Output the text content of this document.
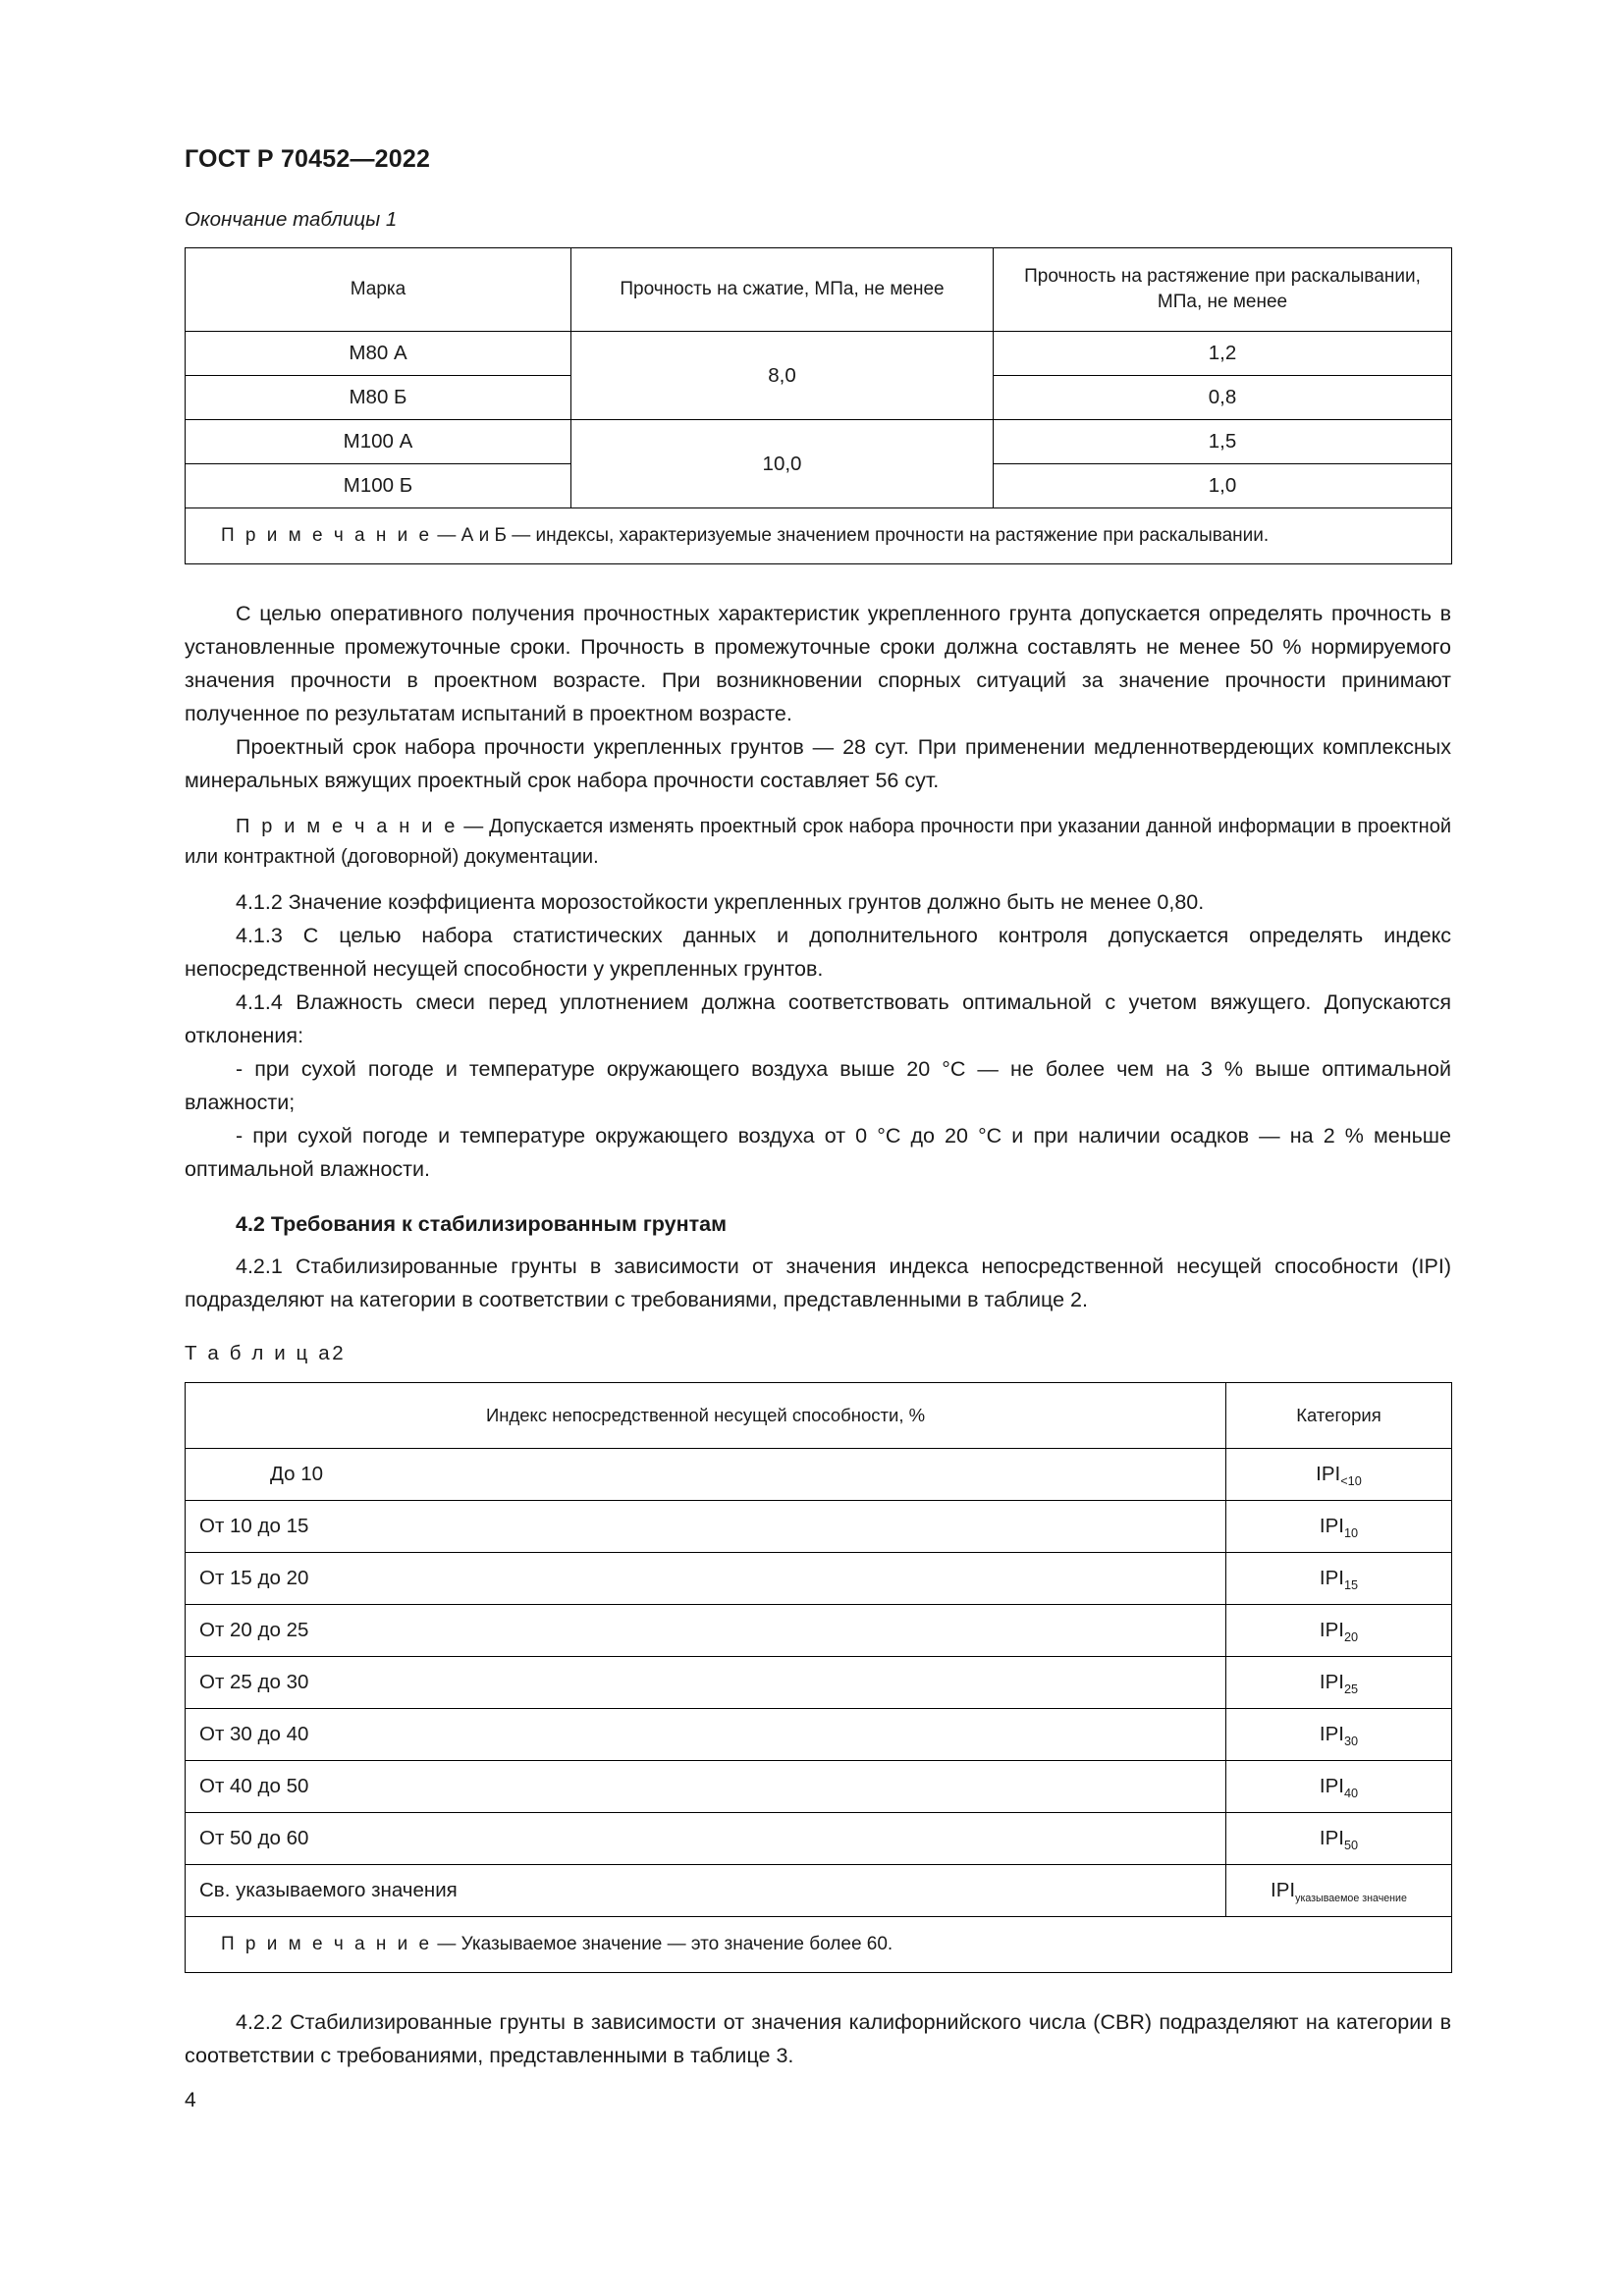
ГОСТ Р 70452—2022
Окончание таблицы 1
Марка	Прочность на сжатие, МПа, не менее	Прочность на растяжение при раскалывании, МПа, не менее
М80 А	8,0	1,2
М80 Б		0,8
М100 А	10,0	1,5
М100 Б		1,0
П р и м е ч а н и е — А и Б — индексы, характеризуемые значением прочности на растяжение при раскалывании.		

С целью оперативного получения прочностных характеристик укрепленного грунта допускается определять прочность в установленные промежуточные сроки. Прочность в промежуточные сроки должна составлять не менее 50 % нормируемого значения прочности в проектном возрасте. При возникновении спорных ситуаций за значение прочности принимают полученное по результатам испытаний в проектном возрасте.

Проектный срок набора прочности укрепленных грунтов — 28 сут. При применении медленнотвердеющих комплексных минеральных вяжущих проектный срок набора прочности составляет 56 сут.

П р и м е ч а н и е — Допускается изменять проектный срок набора прочности при указании данной информации в проектной или контрактной (договорной) документации.

4.1.2 Значение коэффициента морозостойкости укрепленных грунтов должно быть не менее 0,80.

4.1.3 С целью набора статистических данных и дополнительного контроля допускается определять индекс непосредственной несущей способности у укрепленных грунтов.

4.1.4 Влажность смеси перед уплотнением должна соответствовать оптимальной с учетом вяжущего. Допускаются отклонения:

- при сухой погоде и температуре окружающего воздуха выше 20 °С — не более чем на 3 % выше оптимальной влажности;

- при сухой погоде и температуре окружающего воздуха от 0 °С до 20 °С и при наличии осадков — на 2 % меньше оптимальной влажности.

4.2 Требования к стабилизированным грунтам

4.2.1 Стабилизированные грунты в зависимости от значения индекса непосредственной несущей способности (IPI) подразделяют на категории в соответствии с требованиями, представленными в таблице 2.

Т а б л и ц а2
Индекс непосредственной несущей способности, %	Категория
До 10	$IPI_{<10}$
От 10 до 15	$IPI_{10}$
От 15 до 20	$IPI_{15}$
От 20 до 25	$IPI_{20}$
От 25 до 30	$IPI_{25}$
От 30 до 40	$IPI_{30}$
От 40 до 50	$IPI_{40}$
От 50 до 60	$IPI_{50}$
Св. указываемого значения	$IPI_{указываемое значение}$
П р и м е ч а н и е — Указываемое значение — это значение более 60.	

4.2.2 Стабилизированные грунты в зависимости от значения калифорнийского числа (CBR) подразделяют на категории в соответствии с требованиями, представленными в таблице 3.

4
